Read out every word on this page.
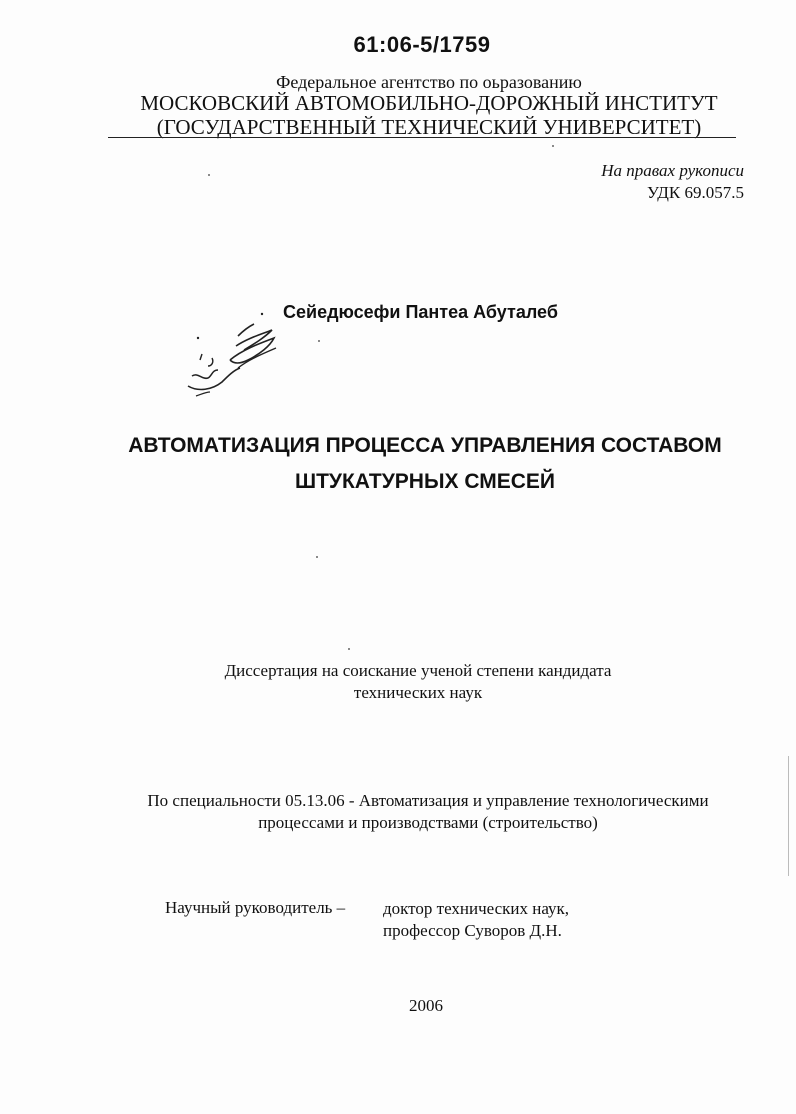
61:06-5/1759
Федеральное агентство по оьразованию
МОСКОВСКИЙ АВТОМОБИЛЬНО-ДОРОЖНЫЙ ИНСТИТУТ
(ГОСУДАРСТВЕННЫЙ ТЕХНИЧЕСКИЙ УНИВЕРСИТЕТ)
На правах рукописи
УДК 69.057.5
Сейедюсефи Пантеа Абуталеб
АВТОМАТИЗАЦИЯ ПРОЦЕССА УПРАВЛЕНИЯ СОСТАВОМ
ШТУКАТУРНЫХ СМЕСЕЙ
Диссертация на соискание ученой степени кандидата
технических наук
По специальности 05.13.06 - Автоматизация и управление технологическими
процессами и производствами (строительство)
Научный руководитель – доктор технических наук,
профессор Суворов Д.Н.
2006
